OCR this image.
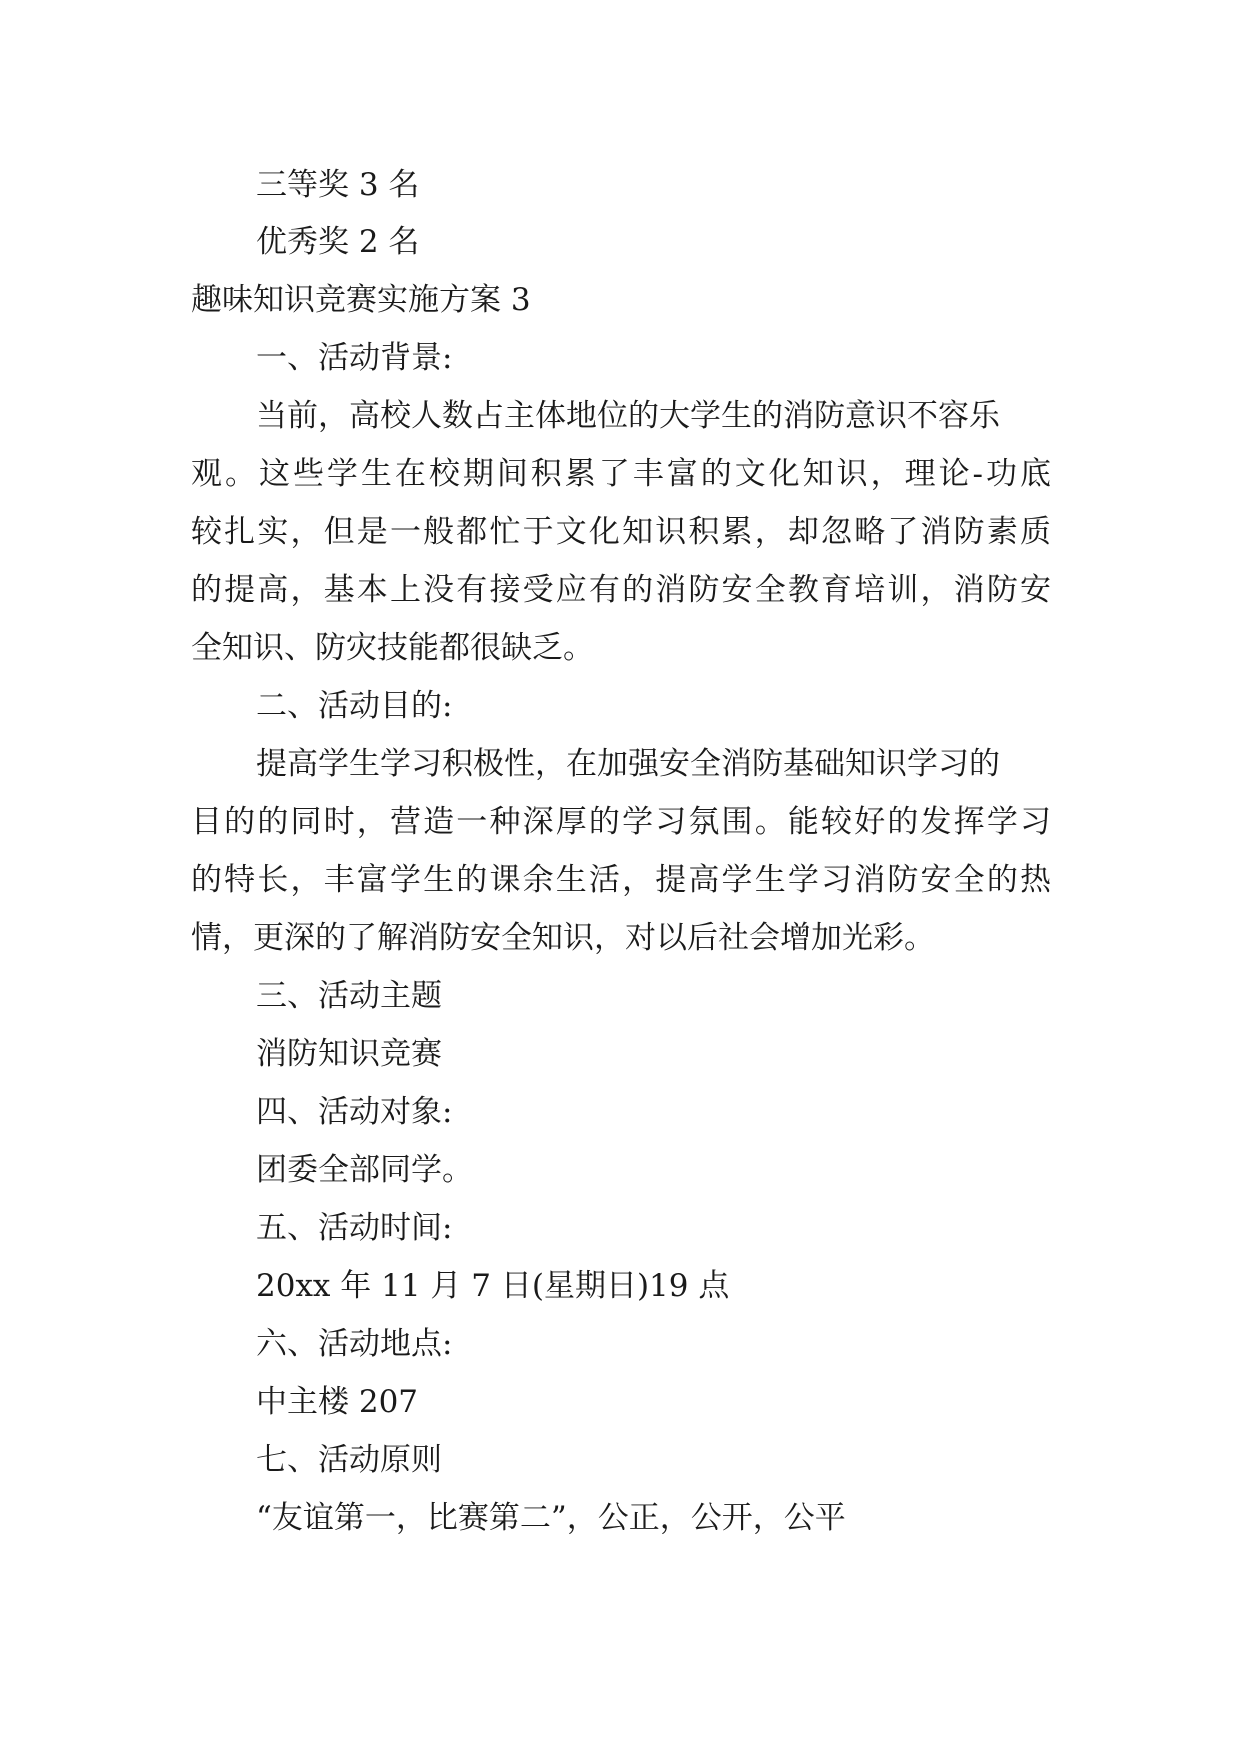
三等奖 3 名
优秀奖 2 名
趣味知识竞赛实施方案 3
一、活动背景:
当前，高校人数占主体地位的大学生的消防意识不容乐
观。这些学生在校期间积累了丰富的文化知识，理论-功底
较扎实，但是一般都忙于文化知识积累，却忽略了消防素质
的提高，基本上没有接受应有的消防安全教育培训，消防安
全知识、防灾技能都很缺乏。
二、活动目的:
提高学生学习积极性，在加强安全消防基础知识学习的
目的的同时，营造一种深厚的学习氛围。能较好的发挥学习
的特长，丰富学生的课余生活，提高学生学习消防安全的热
情，更深的了解消防安全知识，对以后社会增加光彩。
三、活动主题
消防知识竞赛
四、活动对象:
团委全部同学。
五、活动时间:
20xx 年 11 月 7 日(星期日)19 点
六、活动地点:
中主楼 207
七、活动原则
“友谊第一，比赛第二”，公正，公开，公平
